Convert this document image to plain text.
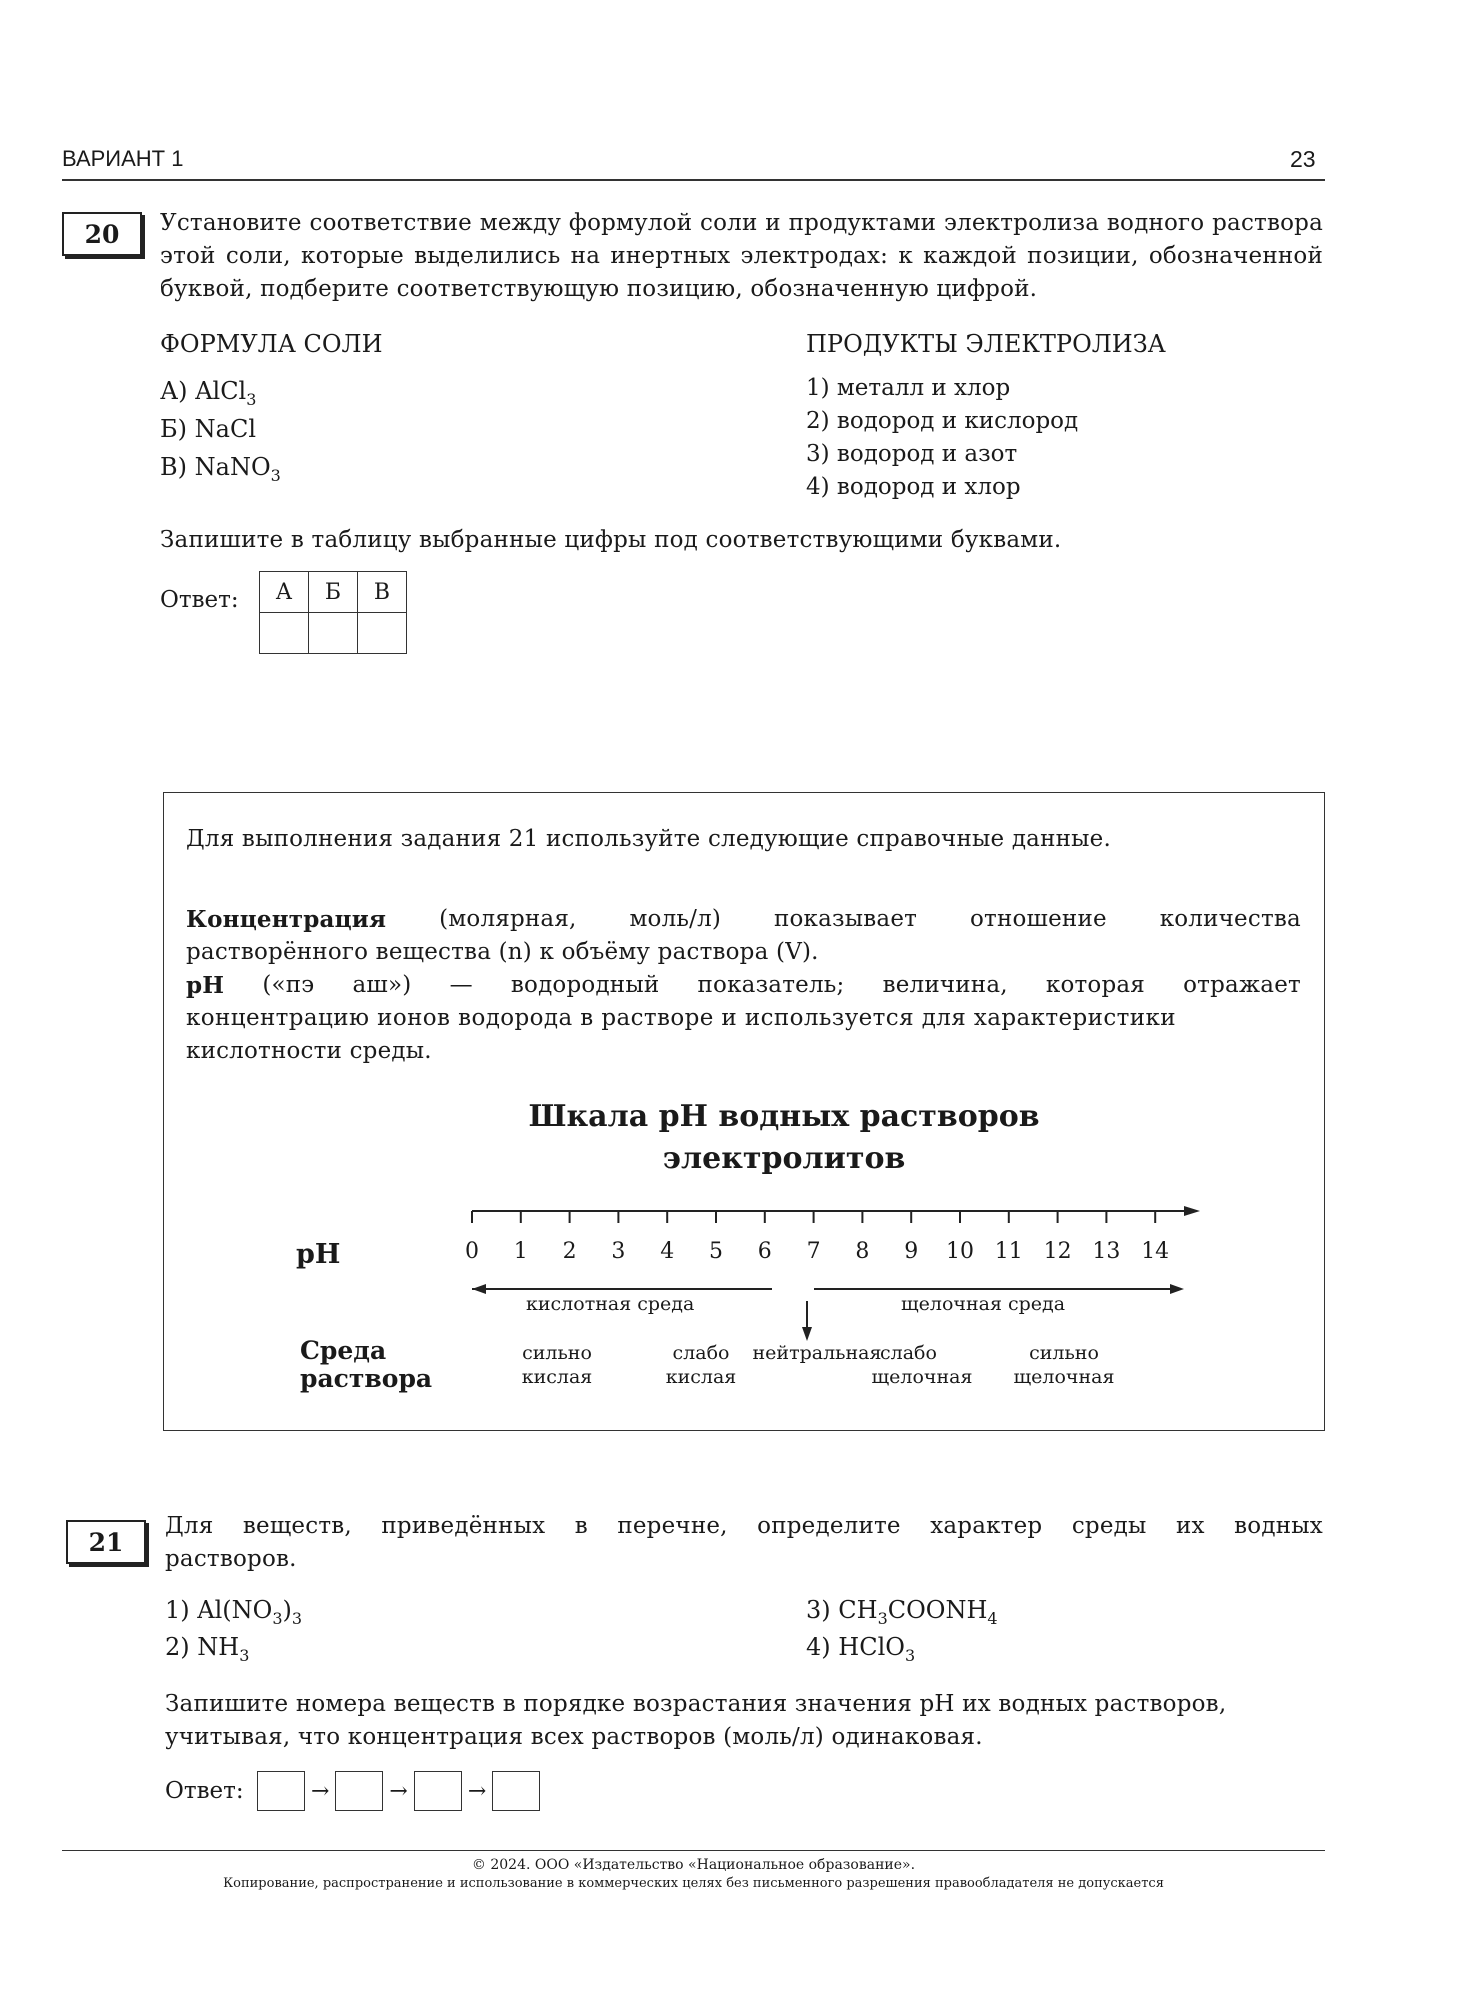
ВАРИАНТ 1	23
20 Установите соответствие между формулой соли и продуктами электролиза водного раствора этой соли, которые выделились на инертных электродах: к каждой позиции, обозначенной буквой, подберите соответствующую позицию, обозначенную цифрой.
ФОРМУЛА СОЛИ	ПРОДУКТЫ ЭЛЕКТРОЛИЗА
А) AlCl$_3$
Б) NaCl
В) NaNO$_3$
1) металл и хлор
2) водород и кислород
3) водород и азот
4) водород и хлор
Запишите в таблицу выбранные цифры под соответствующими буквами.
Ответ: А	Б	В

Для выполнения задания 21 используйте следующие справочные данные.
Концентрация (молярная, моль/л) показывает отношение количества
растворённого вещества (n) к объёму раствора (V).
pH («пэ аш») — водородный показатель; величина, которая отражает
концентрацию ионов водорода в растворе и используется для характеристики
кислотности среды.
Шкала pH водных растворов
электролитов
pH	0	1	2	3	4	5	6	7	8	9	10 11 12 13 14
кислотная среда	щелочная среда
Среда
раствора
сильно
кислая
слабо
кислая
нейтральная
слабо
щелочная
сильно
щелочная
21
Для веществ, приведённых в перечне, определите характер среды их водных
растворов.
1) $Al(NO_3)_3$
2) $NH_3$
3) $CH_3COONH_4$
4) HClO$_3$
Запишите номера веществ в порядке возрастания значения pH их водных растворов,
учитывая, что концентрация всех растворов (моль/л) одинаковая.
Ответ:	→	→	→
© 2024. ООО «Издательство «Национальное образование».
Копирование, распространение и использование в коммерческих целях без письменного разрешения правообладателя не допускается
